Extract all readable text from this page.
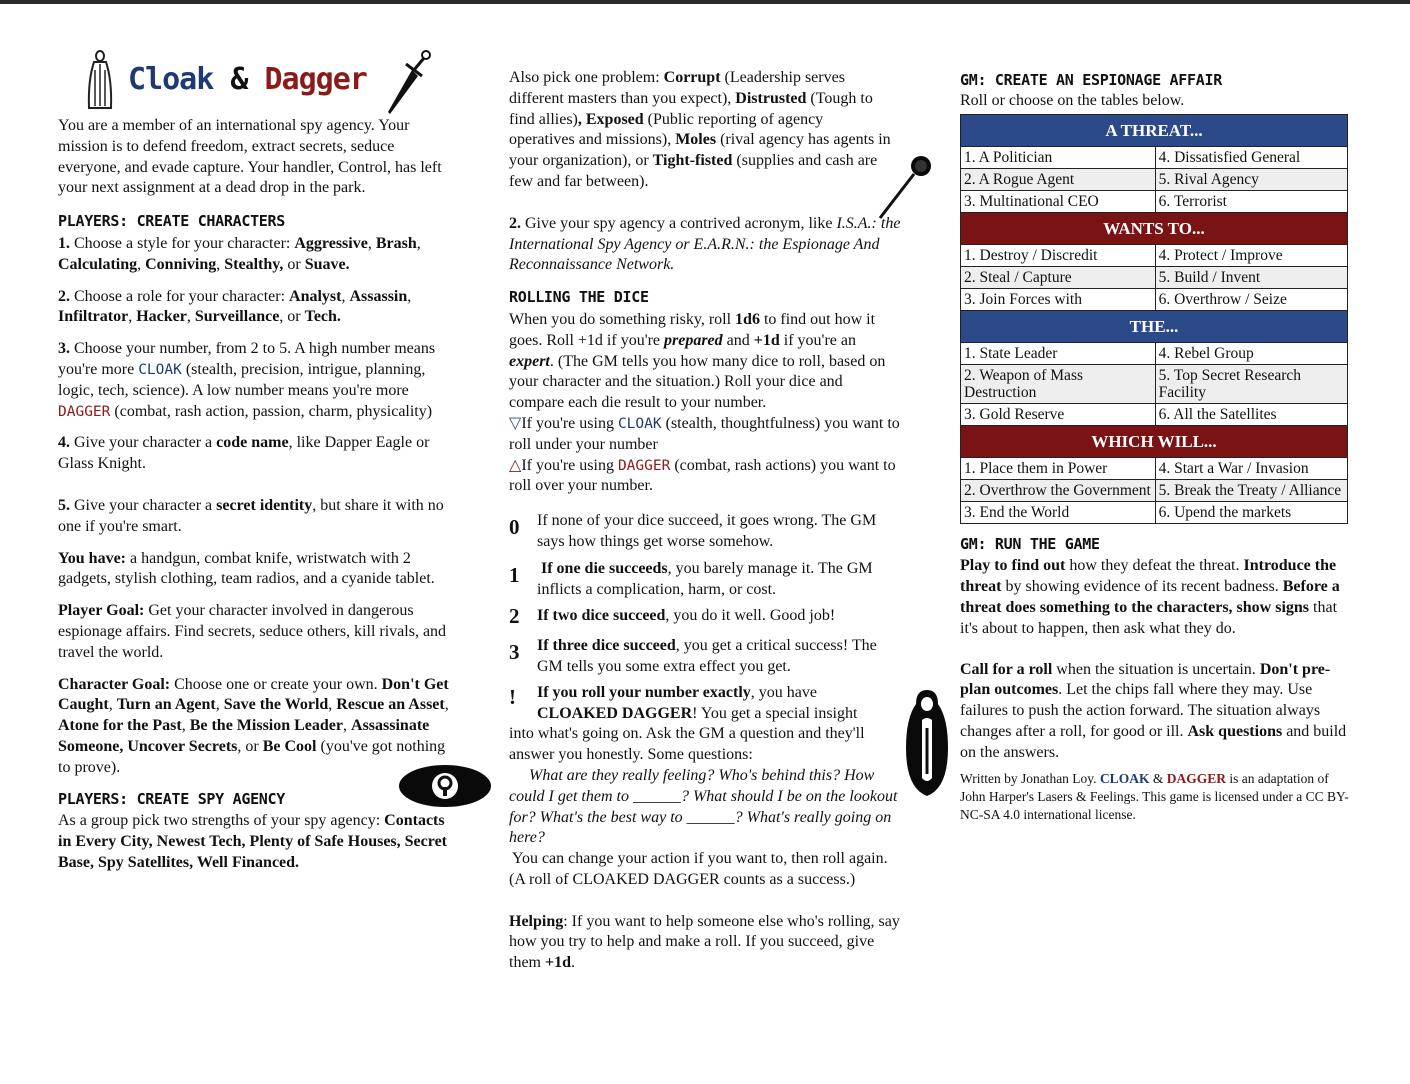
Cloak & Dagger

You are a member of an international spy agency. Your mission is to defend freedom, extract secrets, seduce everyone, and evade capture. Your handler, Control, has left your next assignment at a dead drop in the park.

PLAYERS: CREATE CHARACTERS

1. Choose a style for your character: Aggressive, Brash, Calculating, Conniving, Stealthy, or Suave.

2. Choose a role for your character: Analyst, Assassin, Infiltrator, Hacker, Surveillance, or Tech.

3. Choose your number, from 2 to 5. A high number means you're more CLOAK (stealth, precision, intrigue, planning, logic, tech, science). A low number means you're more DAGGER (combat, rash action, passion, charm, physicality)

4. Give your character a code name, like Dapper Eagle or Glass Knight.

5. Give your character a secret identity, but share it with no one if you're smart.

You have: a handgun, combat knife, wristwatch with 2 gadgets, stylish clothing, team radios, and a cyanide tablet.

Player Goal: Get your character involved in dangerous espionage affairs. Find secrets, seduce others, kill rivals, and travel the world.

Character Goal: Choose one or create your own. Don't Get Caught, Turn an Agent, Save the World, Rescue an Asset, Atone for the Past, Be the Mission Leader, Assassinate Someone, Uncover Secrets, or Be Cool (you've got nothing to prove).

PLAYERS: CREATE SPY AGENCY

As a group pick two strengths of your spy agency: Contacts in Every City, Newest Tech, Plenty of Safe Houses, Secret Base, Spy Satellites, Well Financed.

Also pick one problem: Corrupt (Leadership serves different masters than you expect), Distrusted (Tough to find allies), Exposed (Public reporting of agency operatives and missions), Moles (rival agency has agents in your organization), or Tight-fisted (supplies and cash are few and far between).

2. Give your spy agency a contrived acronym, like I.S.A.: the International Spy Agency or E.A.R.N.: the Espionage And Reconnaissance Network.

ROLLING THE DICE

When you do something risky, roll 1d6 to find out how it goes. Roll +1d if you're prepared and +1d if you're an expert. (The GM tells you how many dice to roll, based on your character and the situation.) Roll your dice and compare each die result to your number.

▽If you're using CLOAK (stealth, thoughtfulness) you want to roll under your number

△If you're using DAGGER (combat, rash actions) you want to roll over your number.

0	If none of your dice succeed, it goes wrong. The GM says how things get worse somehow.

1	If one die succeeds, you barely manage it. The GM inflicts a complication, harm, or cost.

2	If two dice succeed, you do it well. Good job!

3	If three dice succeed, you get a critical success! The GM tells you some extra effect you get.

!	If you roll your number exactly, you have CLOAKED DAGGER! You get a special insight

into what's going on. Ask the GM a question and they'll answer you honestly. Some questions:

What are they really feeling? Who's behind this? How could I get them to ______? What should I be on the lookout for? What's the best way to ______? What's really going on here?

You can change your action if you want to, then roll again.

(A roll of CLOAKED DAGGER counts as a success.)

Helping: If you want to help someone else who's rolling, say how you try to help and make a roll. If you succeed, give them +1d.

GM: CREATE AN ESPIONAGE AFFAIR

Roll or choose on the tables below.

A THREAT...	
1. A Politician	4. Dissatisfied General
2. A Rogue Agent	5. Rival Agency
3. Multinational CEO	6. Terrorist
WANTS TO...	
1. Destroy / Discredit	4. Protect / Improve
2. Steal / Capture	5. Build / Invent
3. Join Forces with	6. Overthrow / Seize
THE...	
1. State Leader	4. Rebel Group
2. Weapon of Mass Destruction	5. Top Secret Research Facility
3. Gold Reserve	6. All the Satellites
WHICH WILL...	
1. Place them in Power	4. Start a War / Invasion
2. Overthrow the Government	5. Break the Treaty / Alliance
3. End the World	6. Upend the markets

GM: RUN THE GAME

Play to find out how they defeat the threat. Introduce the threat by showing evidence of its recent badness. Before a threat does something to the characters, show signs that it's about to happen, then ask what they do.

Call for a roll when the situation is uncertain. Don't pre-plan outcomes. Let the chips fall where they may. Use failures to push the action forward. The situation always changes after a roll, for good or ill. Ask questions and build on the answers.

Written by Jonathan Loy. CLOAK & DAGGER is an adaptation of John Harper's Lasers & Feelings. This game is licensed under a CC BY-NC-SA 4.0 international license.
